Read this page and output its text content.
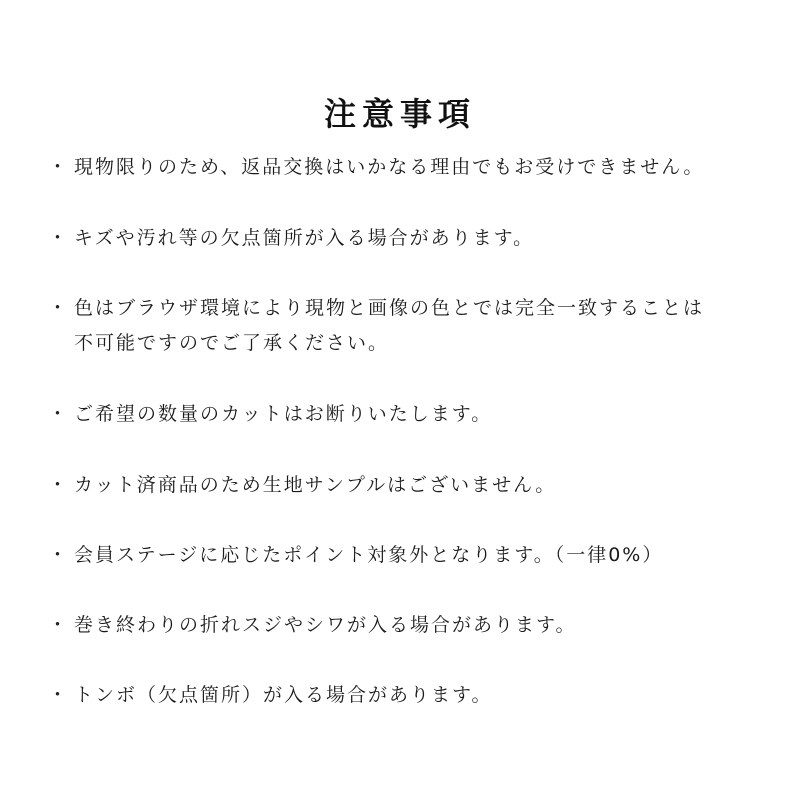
注意事項
・ 現物限りのため、返品交換はいかなる理由でもお受けできません。
・ キズや汚れ等の欠点箇所が入る場合があります。
・ 色はブラウザ環境により現物と画像の色とでは完全一致することは
不可能ですのでご了承ください。
・ ご希望の数量のカットはお断りいたします。
・ カット済商品のため生地サンプルはございません。
・ 会員ステージに応じたポイント対象外となります。（一律0%）
・ 巻き終わりの折れスジやシワが入る場合があります。
・ トンボ（欠点箇所）が入る場合があります。
